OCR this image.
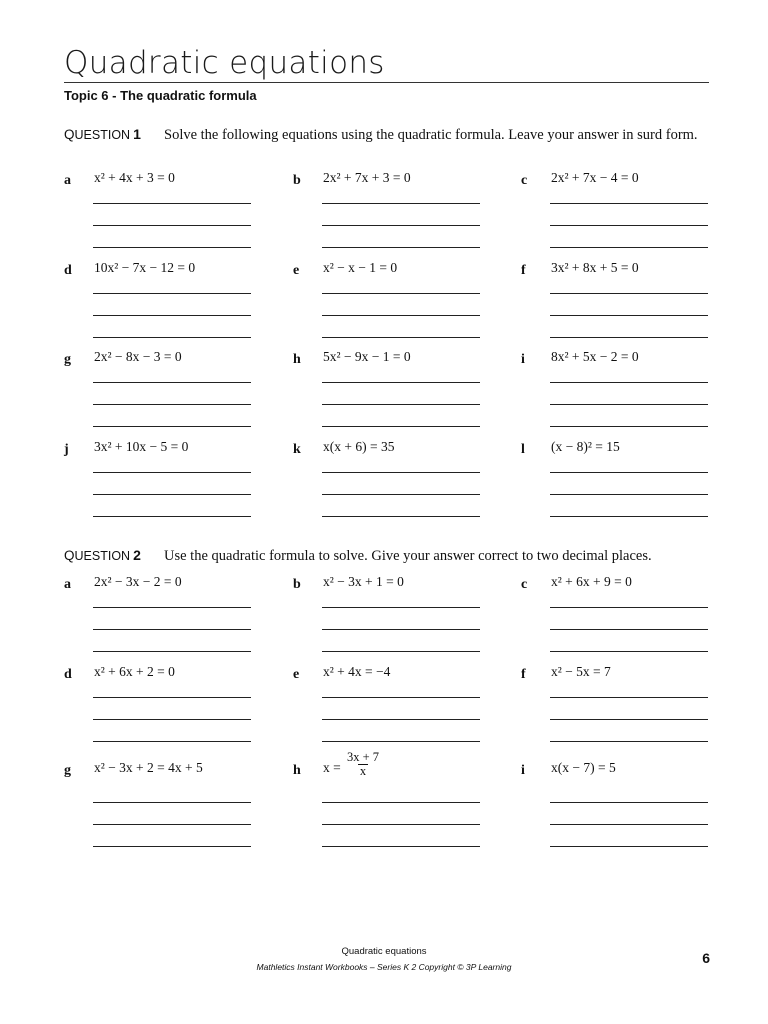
Quadratic equations
Topic 6 - The quadratic formula
QUESTION 1 Solve the following equations using the quadratic formula. Leave your answer in surd form.
a x² + 4x + 3 = 0	b 2x² + 7x + 3 = 0	c 2x² + 7x − 4 = 0
d 10x² − 7x − 12 = 0	e x² − x − 1 = 0	f 3x² + 8x + 5 = 0
g 2x² − 8x − 3 = 0	h 5x² − 9x − 1 = 0	i 8x² + 5x − 2 = 0
j 3x² + 10x − 5 = 0	k x(x + 6) = 35	l (x − 8)² = 15
QUESTION 2 Use the quadratic formula to solve. Give your answer correct to two decimal places.
a 2x² − 3x − 2 = 0	b x² − 3x + 1 = 0	c x² + 6x + 9 = 0
d x² + 6x + 2 = 0	e x² + 4x = −4	f x² − 5x = 7
g x² − 3x + 2 = 4x + 5	h $x = \frac{3x + 7}{x}$	i x(x − 7) = 5
Quadratic equations
Mathletics Instant Workbooks – Series K 2 Copyright © 3P Learning
6
